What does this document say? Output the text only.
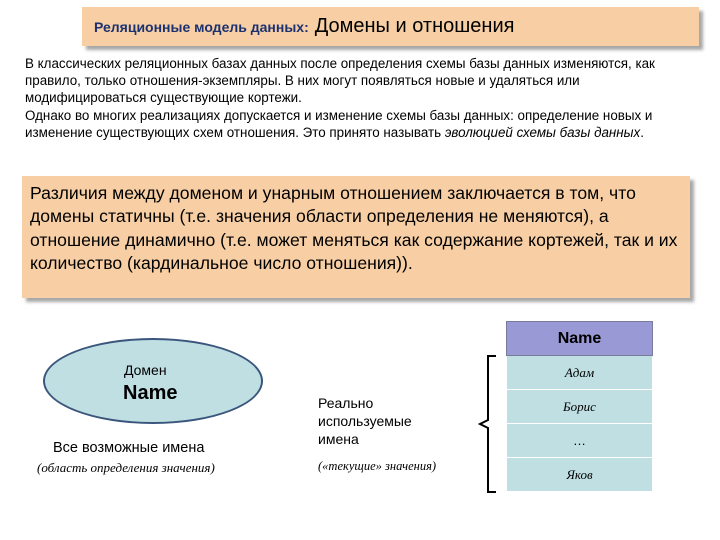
Реляционные модель данных: Домены и отношения

В классических реляционных базах данных после определения схемы базы данных изменяются, как правило, только отношения-экземпляры. В них могут появляться новые и удаляться или модифицироваться существующие кортежи.

Однако во многих реализациях допускается и изменение схемы базы данных: определение новых и изменение существующих схем отношения. Это принято называть эволюцией схемы базы данных.

Различия между доменом и унарным отношением заключается в том, что домены статичны (т.е. значения области определения не меняются), а отношение динамично (т.е. может меняться как содержание кортежей, так и их количество (кардинальное число отношения)).
Домен
Name
Все возможные имена
(область определения значения)
Реально
используемые
имена
(«текущие» значения)
Name
Адам
Борис
…
Яков
